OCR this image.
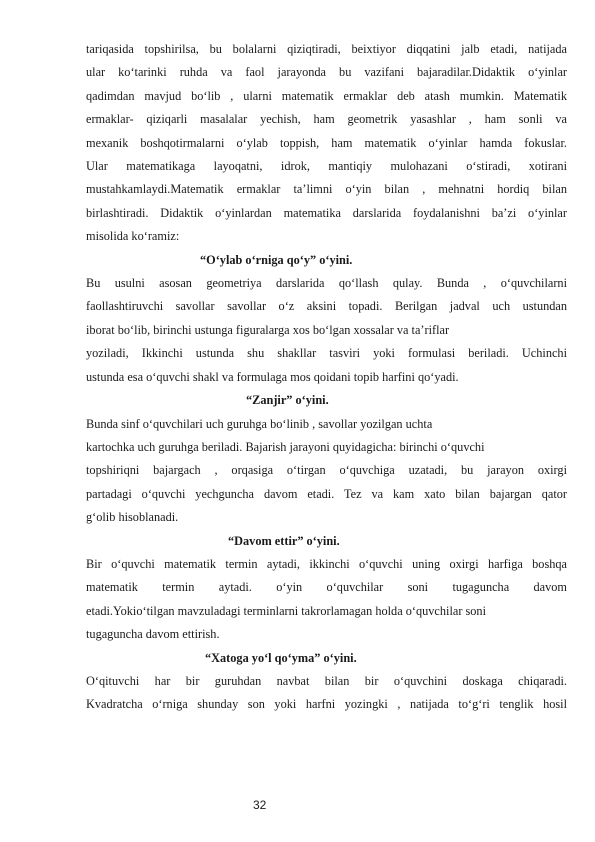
tariqasida topshirilsa, bu bolalarni qiziqtiradi, beixtiyor diqqatini jalb etadi, natijada

ular ko‘tarinki ruhda va faol jarayonda bu vazifani bajaradilar.Didaktik o‘yinlar

qadimdan mavjud bo‘lib , ularni matematik ermaklar deb atash mumkin. Matematik

ermaklar- qiziqarli masalalar yechish, ham geometrik yasashlar , ham sonli va

mexanik boshqotirmalarni o‘ylab toppish, ham matematik o‘yinlar hamda fokuslar.

Ular matematikaga layoqatni, idrok, mantiqiy mulohazani o‘stiradi, xotirani

mustahkamlaydi.Matematik ermaklar ta’limni o‘yin bilan , mehnatni hordiq bilan

birlashtiradi. Didaktik o‘yinlardan matematika darslarida foydalanishni ba’zi o‘yinlar

misolida ko‘ramiz:

“O‘ylab o‘rniga qo‘y” o‘yini.

Bu usulni asosan geometriya darslarida qo‘llash qulay. Bunda , o‘quvchilarni

faollashtiruvchi savollar savollar o‘z aksini topadi. Berilgan jadval uch ustundan

iborat bo‘lib, birinchi ustunga figuralarga xos bo‘lgan xossalar va ta’riflar

yoziladi, Ikkinchi ustunda shu shakllar tasviri yoki formulasi beriladi. Uchinchi

ustunda esa o‘quvchi shakl va formulaga mos qoidani topib harfini qo‘yadi.

“Zanjir” o‘yini.

Bunda sinf o‘quvchilari uch guruhga bo‘linib , savollar yozilgan uchta

kartochka uch guruhga beriladi. Bajarish jarayoni quyidagicha: birinchi o‘quvchi

topshiriqni bajargach , orqasiga o‘tirgan o‘quvchiga uzatadi, bu jarayon oxirgi

partadagi o‘quvchi yechguncha davom etadi. Tez va kam xato bilan bajargan qator

g‘olib hisoblanadi.

“Davom ettir” o‘yini.

Bir o‘quvchi matematik termin aytadi, ikkinchi o‘quvchi uning oxirgi harfiga boshqa

matematik termin aytadi. o‘yin o‘quvchilar soni tugaguncha davom

etadi.Yokio‘tilgan mavzuladagi terminlarni takrorlamagan holda o‘quvchilar soni

tugaguncha davom ettirish.

“Xatoga yo‘l qo‘yma” o‘yini.

O‘qituvchi har bir guruhdan navbat bilan bir o‘quvchini doskaga chiqaradi.

Kvadratcha o‘rniga shunday son yoki harfni yozingki , natijada to‘g‘ri tenglik hosil

32
